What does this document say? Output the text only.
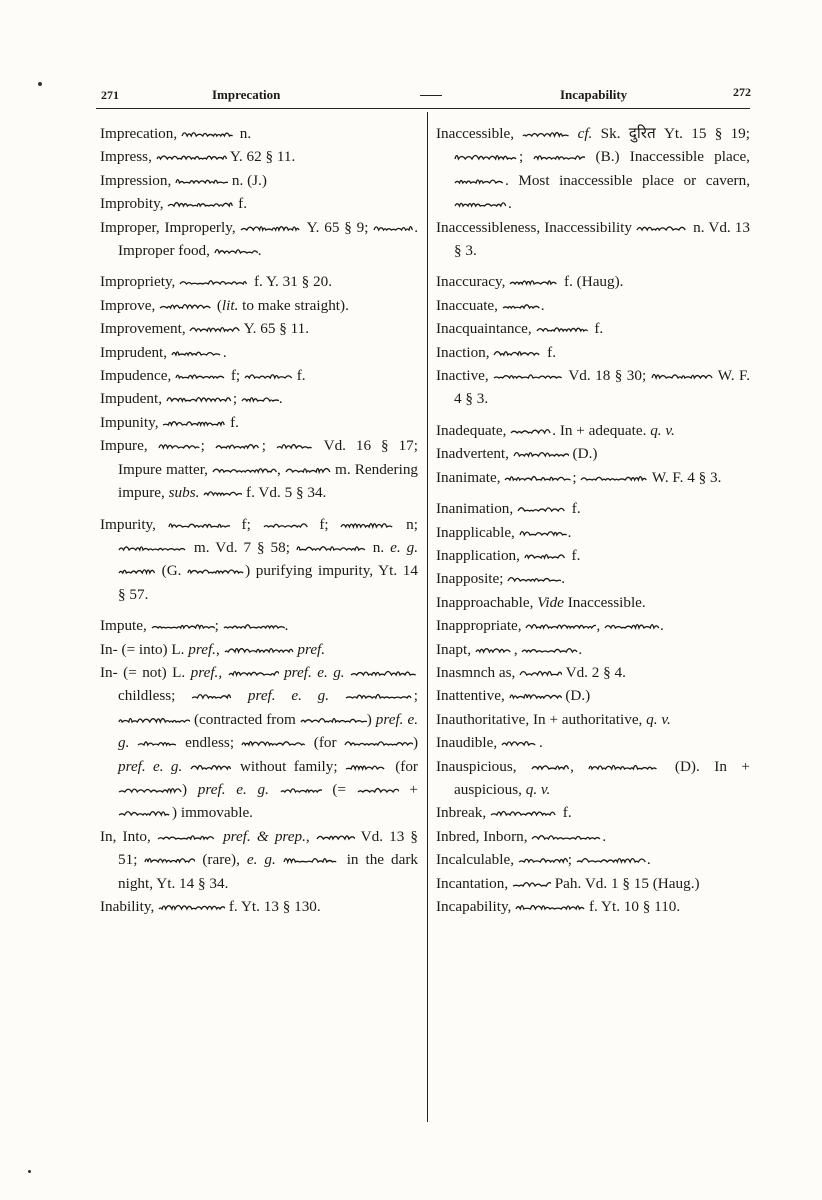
271	Imprecation	Incapability	272

Imprecation,	n.

Impress,	Y. 62 § 11.

Impression,	n. (J.)

Improbity,	f.

Improper, Improperly,	Y. 65 § 9;	. Improper food,	.

Impropriety,	f. Y. 31 § 20.

Improve,	(lit. to make straight).

Improvement,	Y. 65 § 11.

Imprudent,	.

Impudence,	f;	f.

Impudent,	;	.

Impunity,	f.

Impure,	;	;	Vd. 16 § 17; Impure matter,	,	m. Rendering impure, subs.	f. Vd. 5 § 34.

Impurity,	f;	f;	n;
m. Vd. 7 § 58;	n. e. g.
(G.	) purifying impurity, Yt. 14 § 57.

Impute,	;	.

In- (= into) L. pref.,	pref.

In- (= not) L. pref.,	pref. e. g.
childless;	pref. e. g.	;
(contracted from	) pref. e. g.	endless;	(for	) pref. e. g.	without family;	(for
) pref. e. g.	(=	+
) immovable.

In, Into,	pref. & prep.,	Vd. 13 § 51;	(rare), e. g.	in the dark night, Yt. 14 § 34.

Inability,	f. Yt. 13 § 130.

Inaccessible,	cf. Sk. दुरित Yt. 15 § 19;
;	(B.) Inaccessible place,
. Most inaccessible place or cavern,
.

Inaccessibleness, Inaccessibility	n. Vd. 13 § 3.

Inaccuracy,	f. (Haug).

Inaccuate,	.

Inacquaintance,	f.

Inaction,	f.

Inactive,	Vd. 18 § 30;	W. F. 4 § 3.

Inadequate,	. In + adequate. q. v.

Inadvertent,	(D.)

Inanimate,	;	W. F. 4 § 3.

Inanimation,	f.

Inapplicable,	.

Inapplication,	f.

Inapposite;	.

Inapproachable, Vide Inaccessible.

Inappropriate,	,	.

Inapt,	,	.

Inasmnch as,	Vd. 2 § 4.

Inattentive,	(D.)

Inauthoritative, In + authoritative, q. v.

Inaudible,	.

Inauspicious,	,	(D). In + auspicious, q. v.

Inbreak,	f.

Inbred, Inborn,	.

Incalculable,	;	.

Incantation,	Pah. Vd. 1 § 15 (Haug.)

Incapability,	f. Yt. 10 § 110.
